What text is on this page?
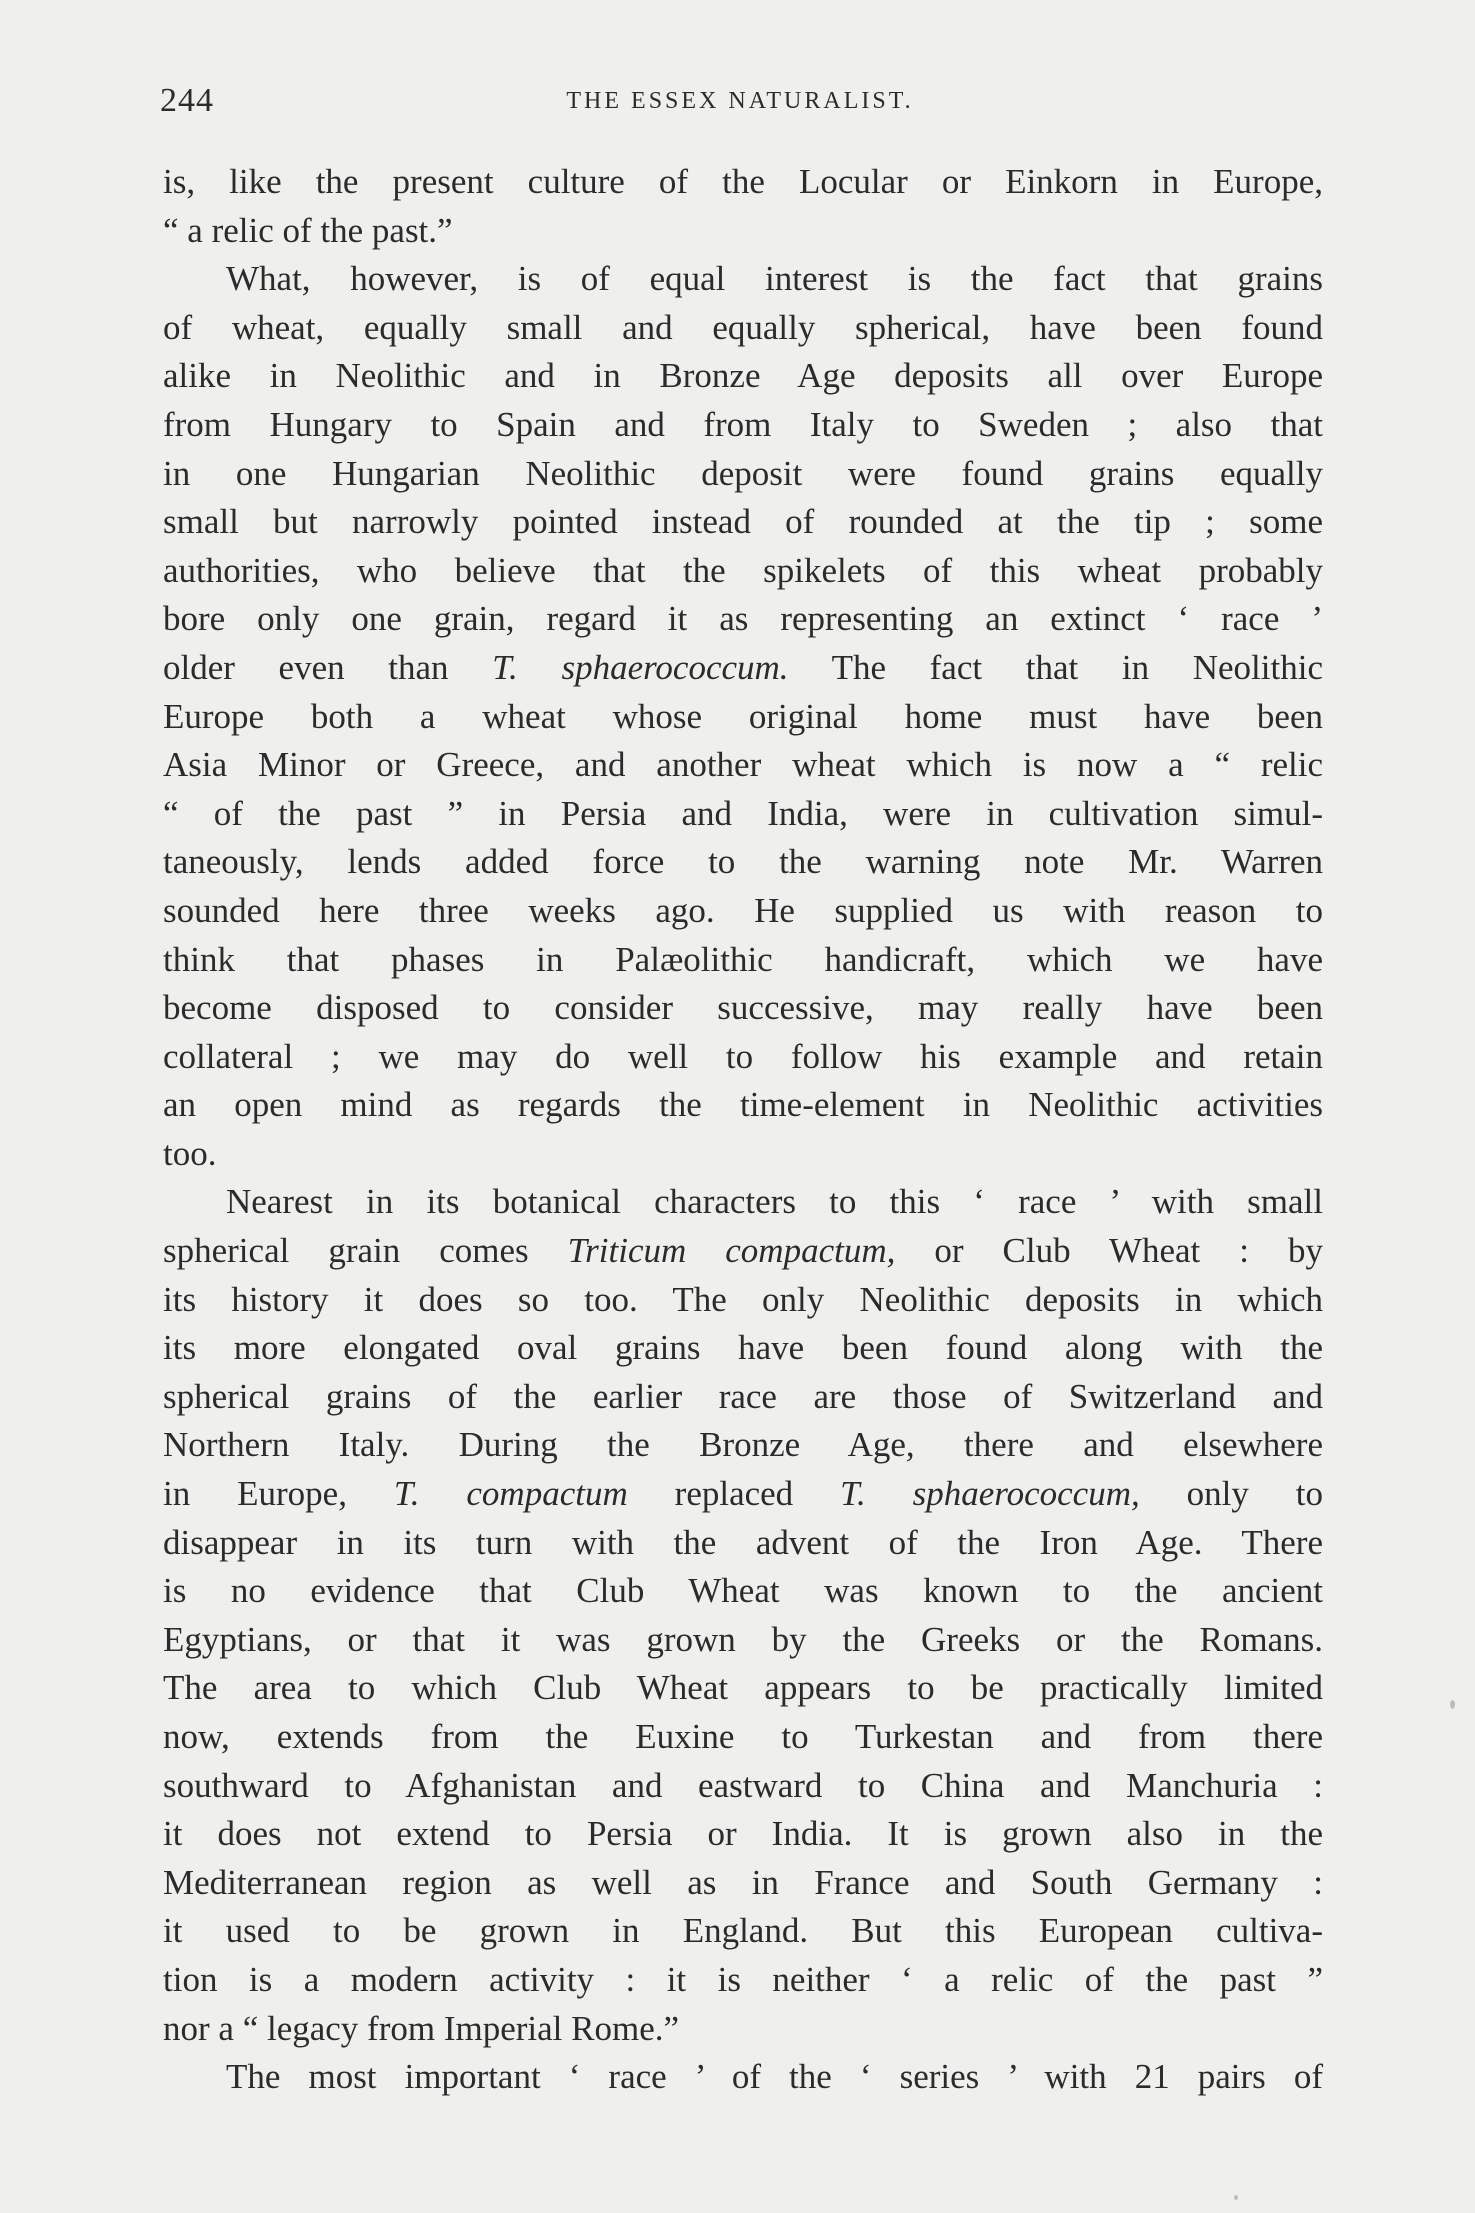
244	THE ESSEX NATURALIST.
is, like the present culture of the Locular or Einkorn in Europe,
“ a relic of the past.”
What, however, is of equal interest is the fact that grains
of wheat, equally small and equally spherical, have been found
alike in Neolithic and in Bronze Age deposits all over Europe
from Hungary to Spain and from Italy to Sweden ; also that
in one Hungarian Neolithic deposit were found grains equally
small but narrowly pointed instead of rounded at the tip ; some
authorities, who believe that the spikelets of this wheat probably
bore only one grain, regard it as representing an extinct ‘ race ’
older even than T. sphaerococcum. The fact that in Neolithic
Europe both a wheat whose original home must have been
Asia Minor or Greece, and another wheat which is now a “ relic
“ of the past ” in Persia and India, were in cultivation simul-
taneously, lends added force to the warning note Mr. Warren
sounded here three weeks ago. He supplied us with reason to
think that phases in Palæolithic handicraft, which we have
become disposed to consider successive, may really have been
collateral ; we may do well to follow his example and retain
an open mind as regards the time-element in Neolithic activities
too.
Nearest in its botanical characters to this ‘ race ’ with small
spherical grain comes Triticum compactum, or Club Wheat : by
its history it does so too. The only Neolithic deposits in which
its more elongated oval grains have been found along with the
spherical grains of the earlier race are those of Switzerland and
Northern Italy. During the Bronze Age, there and elsewhere
in Europe, T. compactum replaced T. sphaerococcum, only to
disappear in its turn with the advent of the Iron Age. There
is no evidence that Club Wheat was known to the ancient
Egyptians, or that it was grown by the Greeks or the Romans.
The area to which Club Wheat appears to be practically limited
now, extends from the Euxine to Turkestan and from there
southward to Afghanistan and eastward to China and Manchuria :
it does not extend to Persia or India. It is grown also in the
Mediterranean region as well as in France and South Germany :
it used to be grown in England. But this European cultiva-
tion is a modern activity : it is neither ‘ a relic of the past ”
nor a “ legacy from Imperial Rome.”
The most important ‘ race ’ of the ‘ series ’ with 21 pairs of
